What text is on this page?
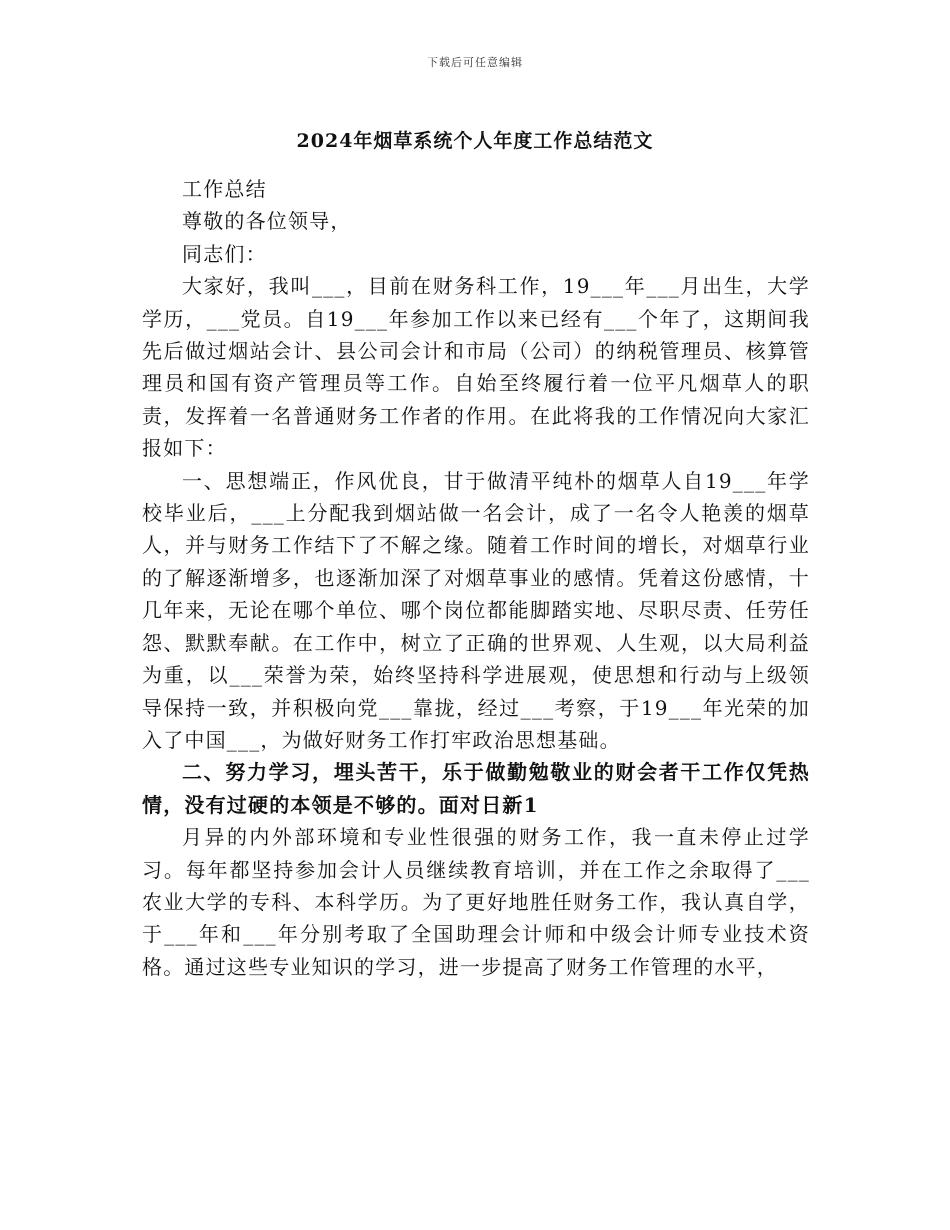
下载后可任意编辑
2024年烟草系统个人年度工作总结范文

工作总结

尊敬的各位领导，

同志们：

大家好，我叫___，目前在财务科工作，19___年___月出生，大学学历，___党员。自19___年参加工作以来已经有___个年了，这期间我先后做过烟站会计、县公司会计和市局（公司）的纳税管理员、核算管理员和国有资产管理员等工作。自始至终履行着一位平凡烟草人的职责，发挥着一名普通财务工作者的作用。在此将我的工作情况向大家汇报如下：

一、思想端正，作风优良，甘于做清平纯朴的烟草人自19___年学校毕业后，___上分配我到烟站做一名会计，成了一名令人艳羡的烟草人，并与财务工作结下了不解之缘。随着工作时间的增长，对烟草行业的了解逐渐增多，也逐渐加深了对烟草事业的感情。凭着这份感情，十几年来，无论在哪个单位、哪个岗位都能脚踏实地、尽职尽责、任劳任怨、默默奉献。在工作中，树立了正确的世界观、人生观，以大局利益为重，以___荣誉为荣，始终坚持科学进展观，使思想和行动与上级领导保持一致，并积极向党___靠拢，经过___考察，于19___年光荣的加入了中国___，为做好财务工作打牢政治思想基础。

二、努力学习，埋头苦干，乐于做勤勉敬业的财会者干工作仅凭热情，没有过硬的本领是不够的。面对日新1

月异的内外部环境和专业性很强的财务工作，我一直未停止过学习。每年都坚持参加会计人员继续教育培训，并在工作之余取得了___农业大学的专科、本科学历。为了更好地胜任财务工作，我认真自学，于___年和___年分别考取了全国助理会计师和中级会计师专业技术资格。通过这些专业知识的学习，进一步提高了财务工作管理的水平，
